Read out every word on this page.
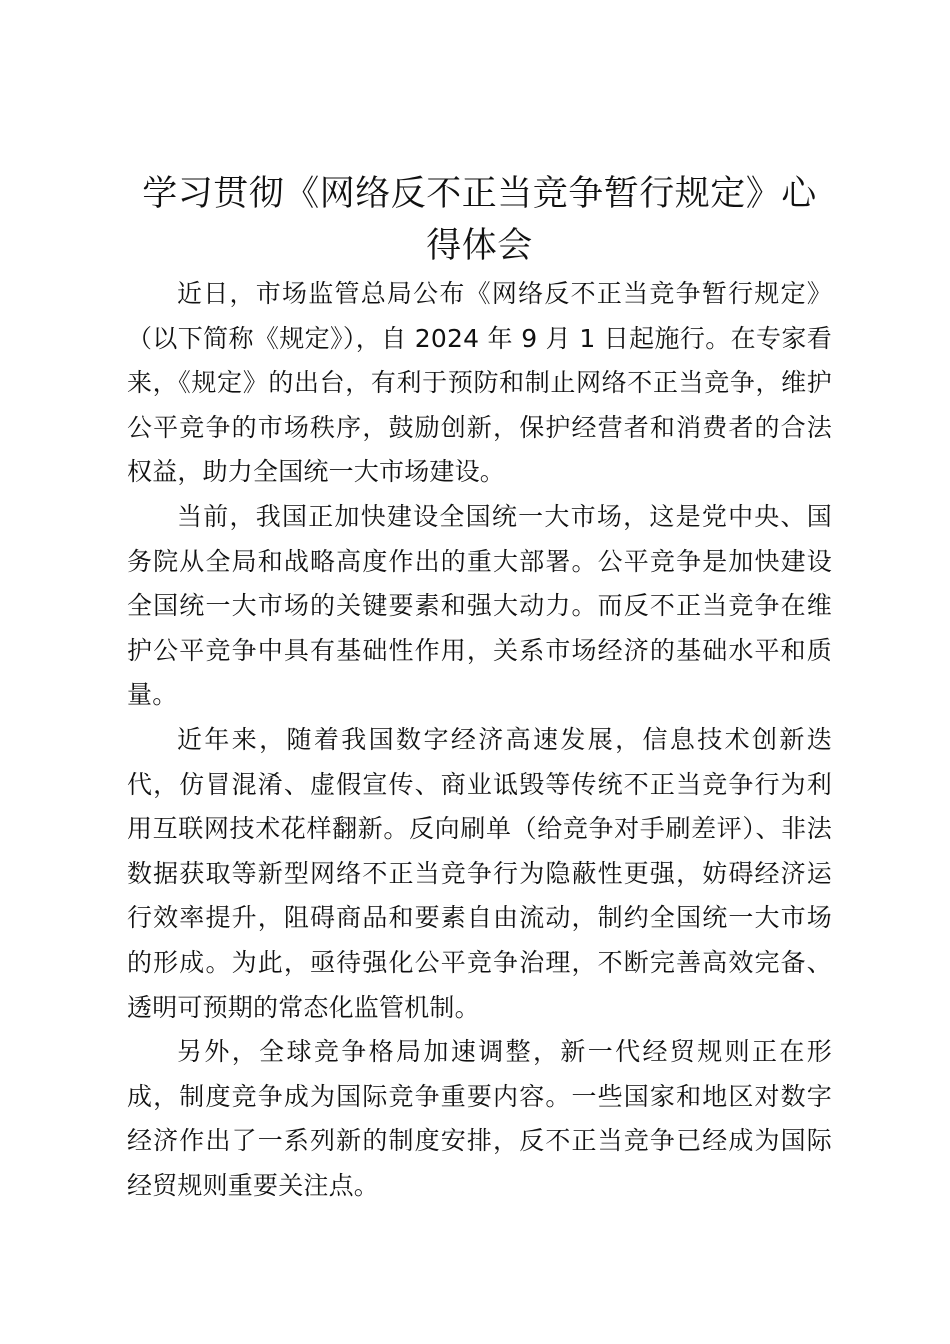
学习贯彻《网络反不正当竞争暂行规定》心得体会

近日，市场监管总局公布《网络反不正当竞争暂行规定》（以下简称《规定》），自 2024 年 9 月 1 日起施行。在专家看来，《规定》的出台，有利于预防和制止网络不正当竞争，维护公平竞争的市场秩序，鼓励创新，保护经营者和消费者的合法权益，助力全国统一大市场建设。

当前，我国正加快建设全国统一大市场，这是党中央、国务院从全局和战略高度作出的重大部署。公平竞争是加快建设全国统一大市场的关键要素和强大动力。而反不正当竞争在维护公平竞争中具有基础性作用，关系市场经济的基础水平和质量。

近年来，随着我国数字经济高速发展，信息技术创新迭代，仿冒混淆、虚假宣传、商业诋毁等传统不正当竞争行为利用互联网技术花样翻新。反向刷单（给竞争对手刷差评）、非法数据获取等新型网络不正当竞争行为隐蔽性更强，妨碍经济运行效率提升，阻碍商品和要素自由流动，制约全国统一大市场的形成。为此，亟待强化公平竞争治理，不断完善高效完备、透明可预期的常态化监管机制。

另外，全球竞争格局加速调整，新一代经贸规则正在形成，制度竞争成为国际竞争重要内容。一些国家和地区对数字经济作出了一系列新的制度安排，反不正当竞争已经成为国际经贸规则重要关注点。
